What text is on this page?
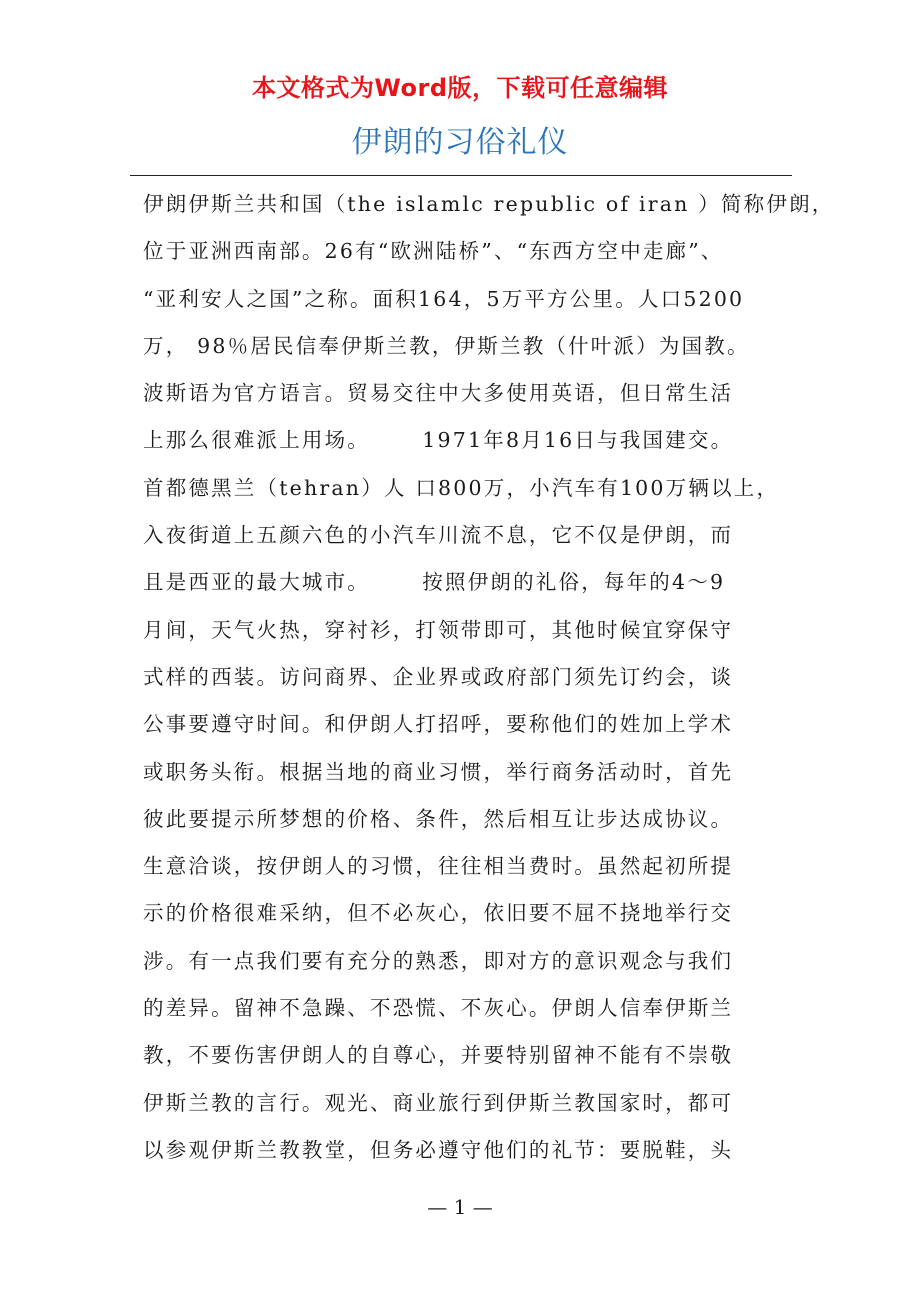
本文格式为Word版，下载可任意编辑
伊朗的习俗礼仪
伊朗伊斯兰共和国（the islamlc republic of iran ）简称伊朗，
位于亚洲西南部。26有“欧洲陆桥”、“东西方空中走廊”、
“亚利安人之国”之称。面积164，5万平方公里。人口5200
万， 98％居民信奉伊斯兰教，伊斯兰教（什叶派）为国教。
波斯语为官方语言。贸易交往中大多使用英语，但日常生活
上那么很难派上用场。      1971年8月16日与我国建交。
首都德黑兰（tehran）人 口800万，小汽车有100万辆以上，
入夜街道上五颜六色的小汽车川流不息，它不仅是伊朗，而
且是西亚的最大城市。      按照伊朗的礼俗，每年的4～9
月间，天气火热，穿衬衫，打领带即可，其他时候宜穿保守
式样的西装。访问商界、企业界或政府部门须先订约会，谈
公事要遵守时间。和伊朗人打招呼，要称他们的姓加上学术
或职务头衔。根据当地的商业习惯，举行商务活动时，首先
彼此要提示所梦想的价格、条件，然后相互让步达成协议。
生意洽谈，按伊朗人的习惯，往往相当费时。虽然起初所提
示的价格很难采纳，但不必灰心，依旧要不屈不挠地举行交
涉。有一点我们要有充分的熟悉，即对方的意识观念与我们
的差异。留神不急躁、不恐慌、不灰心。伊朗人信奉伊斯兰
教，不要伤害伊朗人的自尊心，并要特别留神不能有不崇敬
伊斯兰教的言行。观光、商业旅行到伊斯兰教国家时，都可
以参观伊斯兰教教堂，但务必遵守他们的礼节：要脱鞋，头
— 1 —
